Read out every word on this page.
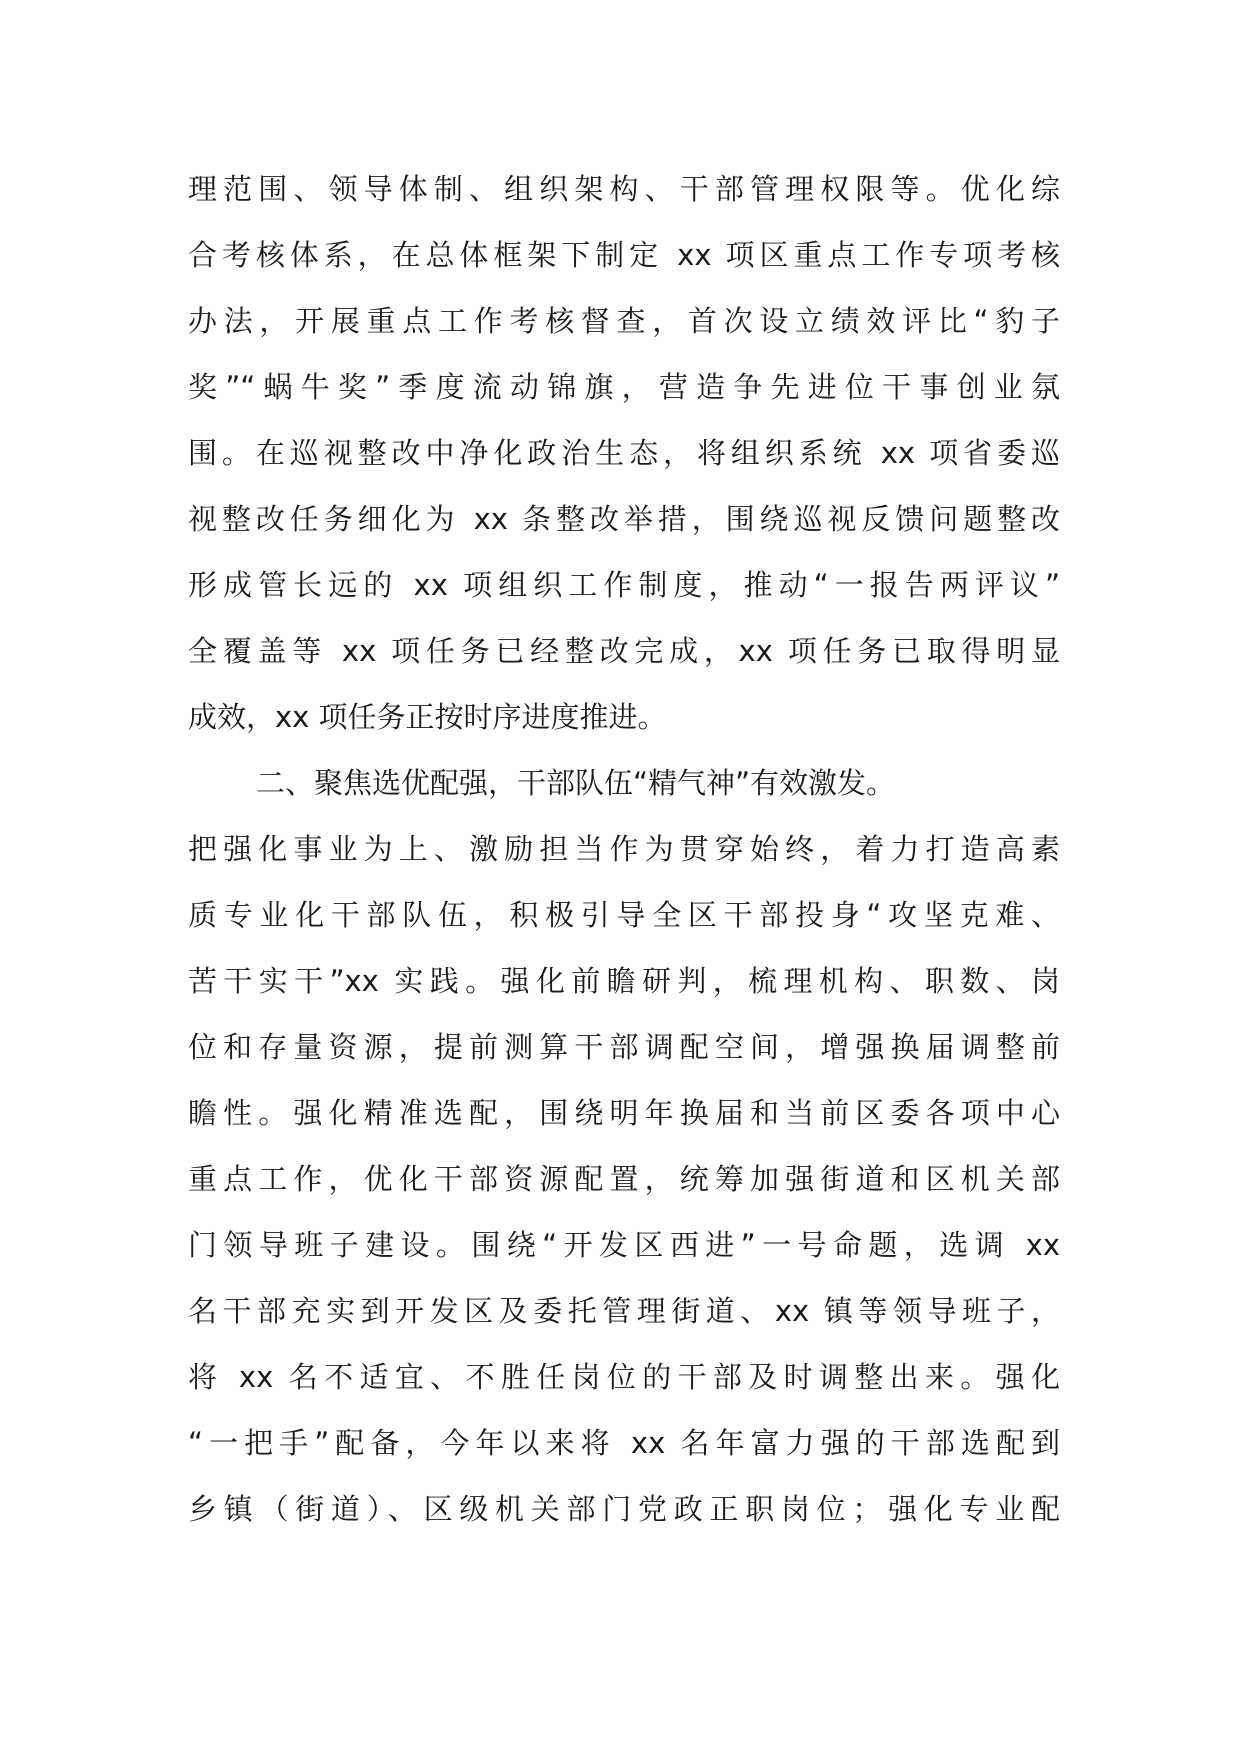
理范围、领导体制、组织架构、干部管理权限等。优化综
合考核体系，在总体框架下制定 xx 项区重点工作专项考核
办法，开展重点工作考核督查，首次设立绩效评比“豹子
奖”“蜗牛奖”季度流动锦旗，营造争先进位干事创业氛
围。在巡视整改中净化政治生态，将组织系统 xx 项省委巡
视整改任务细化为 xx 条整改举措，围绕巡视反馈问题整改
形成管长远的 xx 项组织工作制度，推动“一报告两评议”
全覆盖等 xx 项任务已经整改完成，xx 项任务已取得明显
成效，xx 项任务正按时序进度推进。
二、聚焦选优配强，干部队伍“精气神”有效激发。
把强化事业为上、激励担当作为贯穿始终，着力打造高素
质专业化干部队伍，积极引导全区干部投身“攻坚克难、
苦干实干”xx 实践。强化前瞻研判，梳理机构、职数、岗
位和存量资源，提前测算干部调配空间，增强换届调整前
瞻性。强化精准选配，围绕明年换届和当前区委各项中心
重点工作，优化干部资源配置，统筹加强街道和区机关部
门领导班子建设。围绕“开发区西进”一号命题，选调 xx
名干部充实到开发区及委托管理街道、xx 镇等领导班子，
将 xx 名不适宜、不胜任岗位的干部及时调整出来。强化
“一把手”配备，今年以来将 xx 名年富力强的干部选配到
乡镇（街道）、区级机关部门党政正职岗位；强化专业配
